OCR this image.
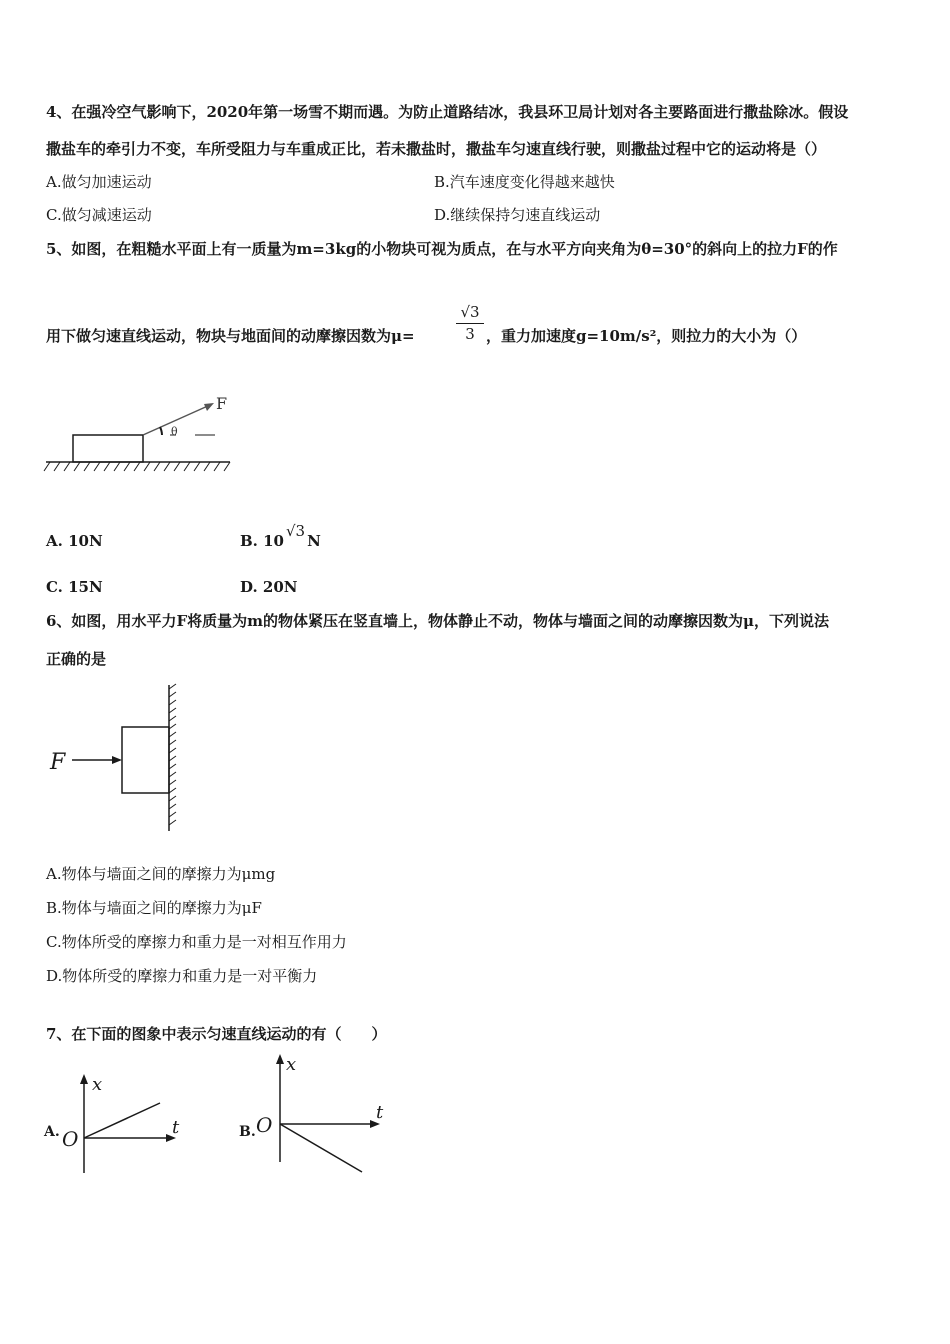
4、在强冷空气影响下，2020年第一场雪不期而遇。为防止道路结冰，我县环卫局计划对各主要路面进行撒盐除冰。假设
撒盐车的牵引力不变，车所受阻力与车重成正比，若未撒盐时，撒盐车匀速直线行驶，则撒盐过程中它的运动将是（）
A.做匀加速运动	B.汽车速度变化得越来越快
C.做匀减速运动	D.继续保持匀速直线运动
5、如图，在粗糙水平面上有一质量为m=3kg的小物块可视为质点，在与水平方向夹角为θ=30°的斜向上的拉力F的作
用下做匀速直线运动，物块与地面间的动摩擦因数为μ=
√3
3 ，重力加速度g=10m/s²，则拉力的大小为（）
F
θ
A. 10N	B. 10√3N
C. 15N	D. 20N
6、如图，用水平力F将质量为m的物体紧压在竖直墙上，物体静止不动，物体与墙面之间的动摩擦因数为μ，下列说法
正确的是
F
A.物体与墙面之间的摩擦力为μmg
B.物体与墙面之间的摩擦力为μF
C.物体所受的摩擦力和重力是一对相互作用力
D.物体所受的摩擦力和重力是一对平衡力
7、在下面的图象中表示匀速直线运动的有（　　）
A.
x
t
O	B.
x
t
O
